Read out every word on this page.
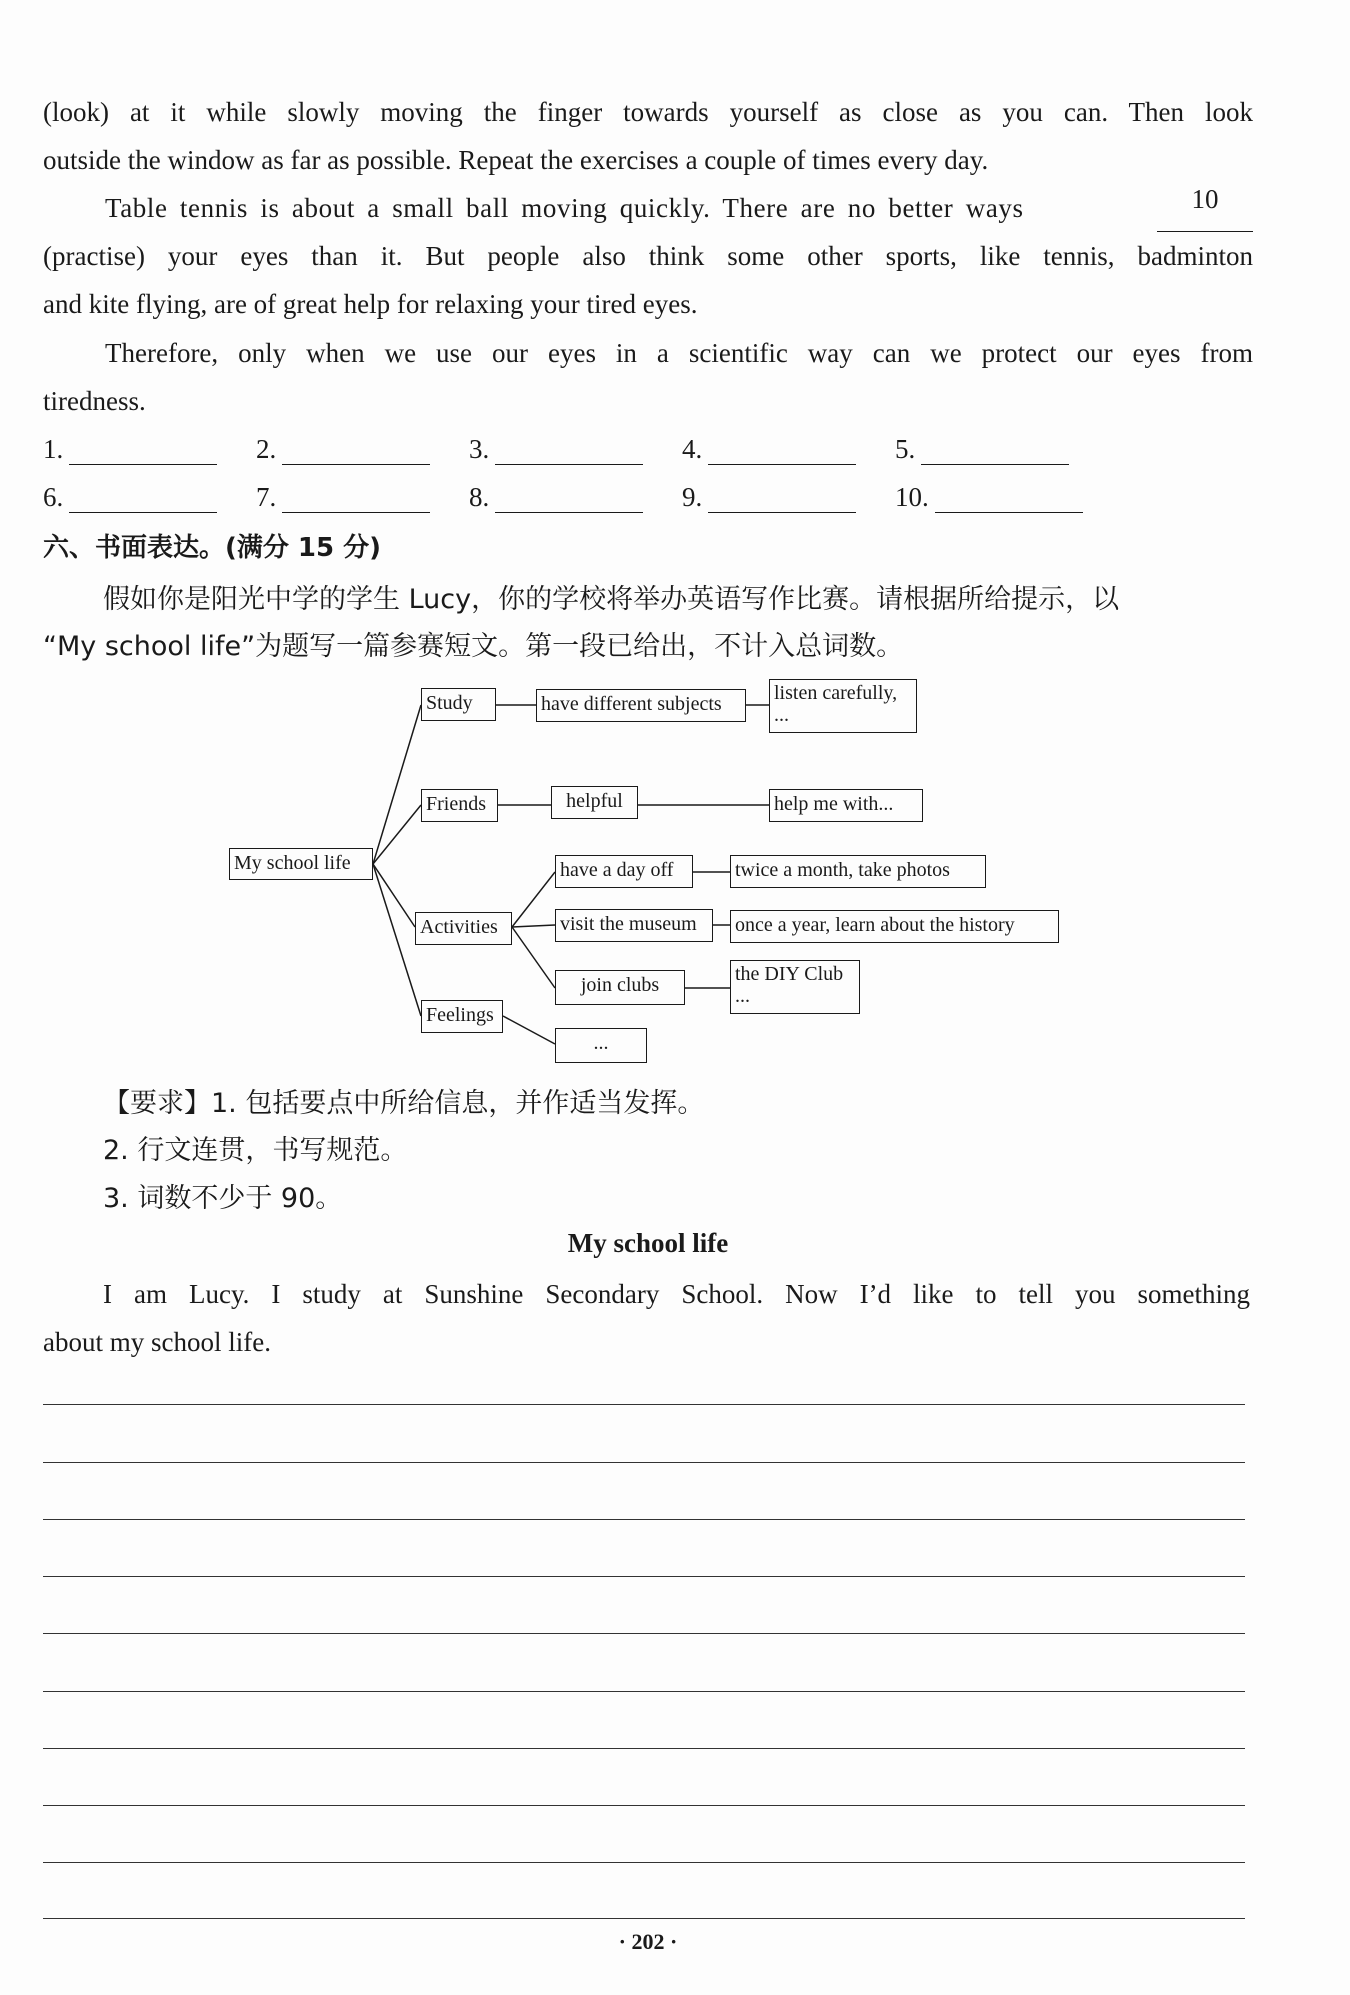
(look) at it while slowly moving the finger towards yourself as close as you can. Then look
outside the window as far as possible. Repeat the exercises a couple of times every day.
Table tennis is about a small ball moving quickly. There are no better ways	10
(practise) your eyes than it. But people also think some other sports, like tennis, badminton
and kite flying, are of great help for relaxing your tired eyes.
Therefore, only when we use our eyes in a scientific way can we protect our eyes from
tiredness.
1.	2.	3.	4.	5.
6.	7.	8.	9.	10.
六、书面表达。(满分 15 分)
假如你是阳光中学的学生 Lucy，你的学校将举办英语写作比赛。请根据所给提示，以
“My school life”为题写一篇参赛短文。第一段已给出，不计入总词数。
My school life
Study	have different subjects	listen carefully,
...
Friends	helpful	help me with...
Activities
have a day off	twice a month, take photos
visit the museum	once a year, learn about the history
join clubs	the DIY Club
...
Feelings
...
【要求】1. 包括要点中所给信息，并作适当发挥。
2. 行文连贯，书写规范。
3. 词数不少于 90。
My school life
I am Lucy. I study at Sunshine Secondary School. Now I’d like to tell you something
about my school life.
· 202 ·
